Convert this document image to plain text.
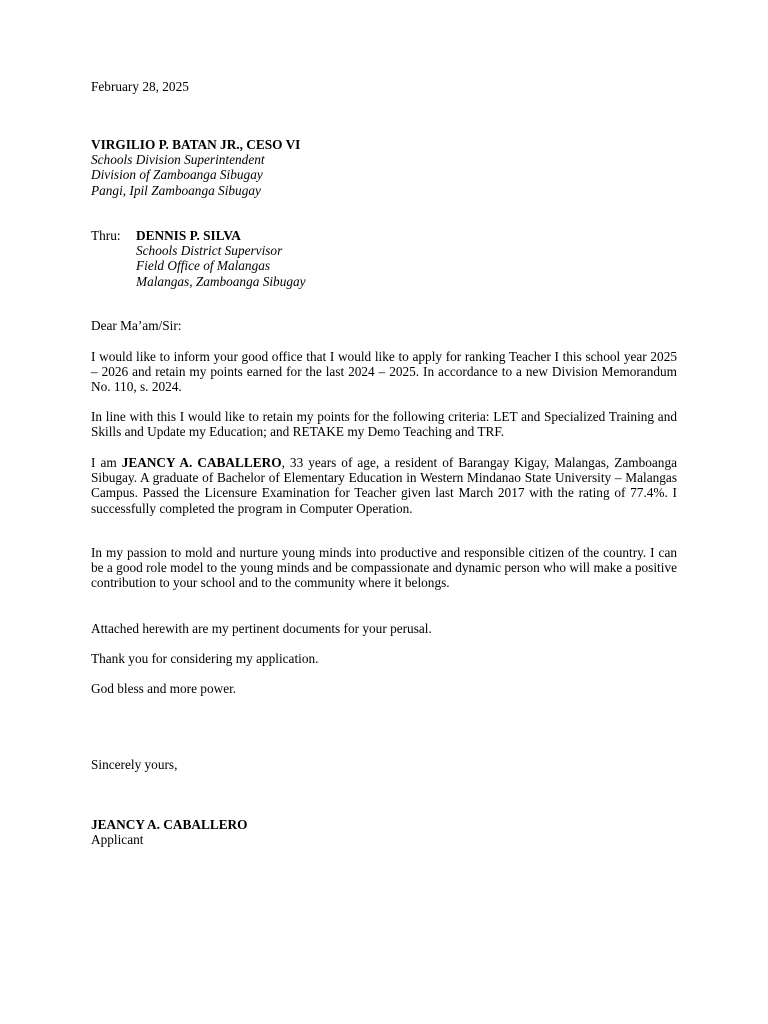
February 28, 2025
VIRGILIO P. BATAN JR., CESO VI
Schools Division Superintendent
Division of Zamboanga Sibugay
Pangi, Ipil Zamboanga Sibugay
Thru: DENNIS P. SILVA
Schools District Supervisor
Field Office of Malangas
Malangas, Zamboanga Sibugay
Dear Ma’am/Sir:
I would like to inform your good office that I would like to apply for ranking Teacher I this school year 2025 – 2026 and retain my points earned for the last 2024 – 2025. In accordance to a new Division Memorandum No. 110, s. 2024.
In line with this I would like to retain my points for the following criteria: LET and Specialized Training and Skills and Update my Education; and RETAKE my Demo Teaching and TRF.
I am JEANCY A. CABALLERO, 33 years of age, a resident of Barangay Kigay, Malangas, Zamboanga Sibugay. A graduate of Bachelor of Elementary Education in Western Mindanao State University – Malangas Campus. Passed the Licensure Examination for Teacher given last March 2017 with the rating of 77.4%. I successfully completed the program in Computer Operation.
In my passion to mold and nurture young minds into productive and responsible citizen of the country. I can be a good role model to the young minds and be compassionate and dynamic person who will make a positive contribution to your school and to the community where it belongs.
Attached herewith are my pertinent documents for your perusal.
Thank you for considering my application.
God bless and more power.
Sincerely yours,
JEANCY A. CABALLERO
Applicant
